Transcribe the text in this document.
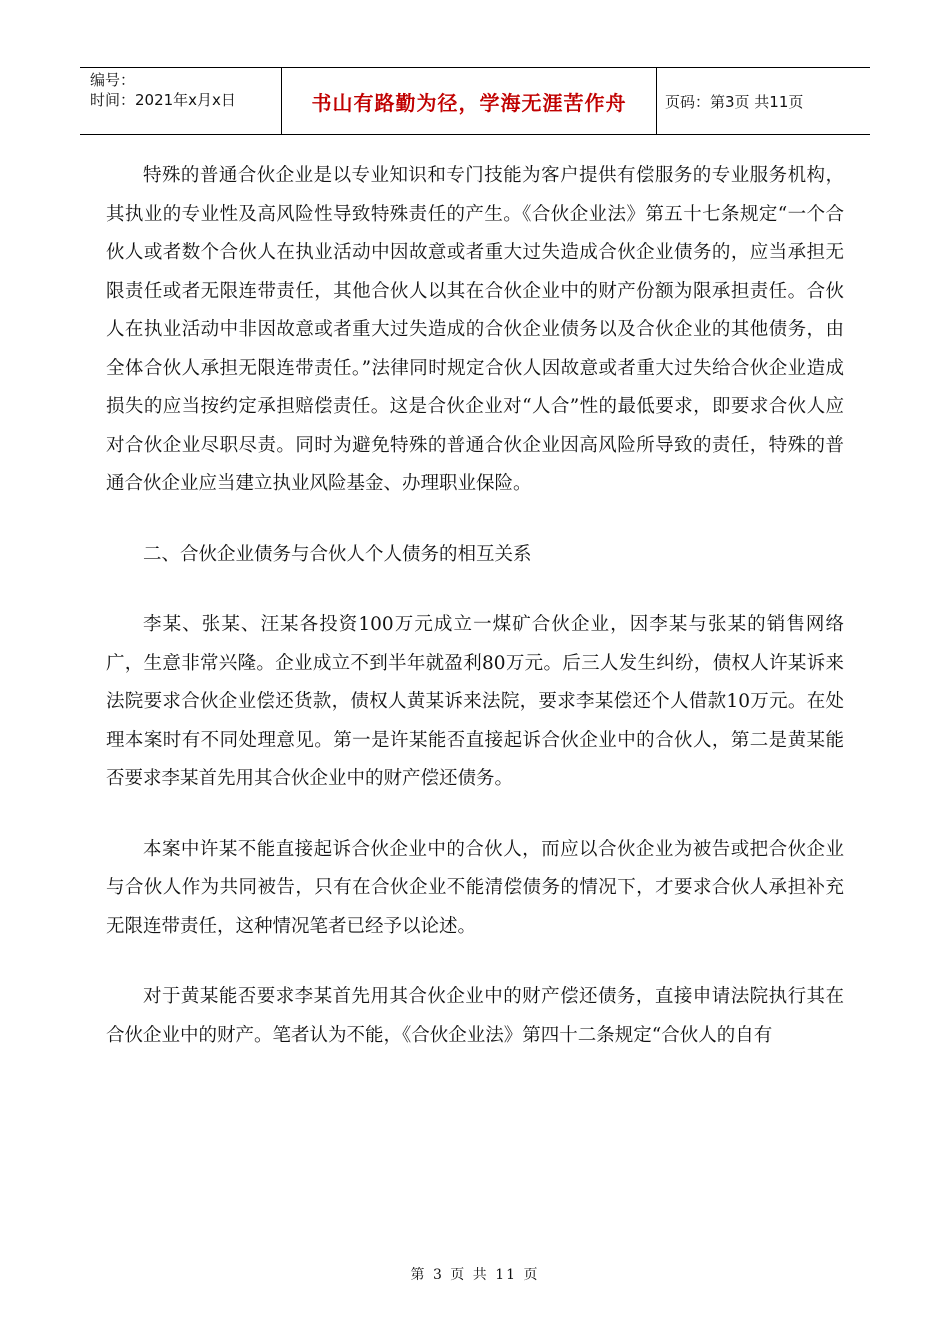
编号：
时间：2021年x月x日	书山有路勤为径，学海无涯苦作舟	页码：第3页 共11页

特殊的普通合伙企业是以专业知识和专门技能为客户提供有偿服务的专业服务机构，其执业的专业性及高风险性导致特殊责任的产生。《合伙企业法》第五十七条规定“一个合伙人或者数个合伙人在执业活动中因故意或者重大过失造成合伙企业债务的，应当承担无限责任或者无限连带责任，其他合伙人以其在合伙企业中的财产份额为限承担责任。合伙人在执业活动中非因故意或者重大过失造成的合伙企业债务以及合伙企业的其他债务，由全体合伙人承担无限连带责任。”法律同时规定合伙人因故意或者重大过失给合伙企业造成损失的应当按约定承担赔偿责任。这是合伙企业对“人合”性的最低要求，即要求合伙人应对合伙企业尽职尽责。同时为避免特殊的普通合伙企业因高风险所导致的责任，特殊的普通合伙企业应当建立执业风险基金、办理职业保险。

二、合伙企业债务与合伙人个人债务的相互关系

李某、张某、汪某各投资100万元成立一煤矿合伙企业，因李某与张某的销售网络广，生意非常兴隆。企业成立不到半年就盈利80万元。后三人发生纠纷，债权人许某诉来法院要求合伙企业偿还货款，债权人黄某诉来法院，要求李某偿还个人借款10万元。在处理本案时有不同处理意见。第一是许某能否直接起诉合伙企业中的合伙人，第二是黄某能否要求李某首先用其合伙企业中的财产偿还债务。

本案中许某不能直接起诉合伙企业中的合伙人，而应以合伙企业为被告或把合伙企业与合伙人作为共同被告，只有在合伙企业不能清偿债务的情况下，才要求合伙人承担补充无限连带责任，这种情况笔者已经予以论述。

对于黄某能否要求李某首先用其合伙企业中的财产偿还债务，直接申请法院执行其在合伙企业中的财产。笔者认为不能，《合伙企业法》第四十二条规定“合伙人的自有

第 3 页 共 11 页
